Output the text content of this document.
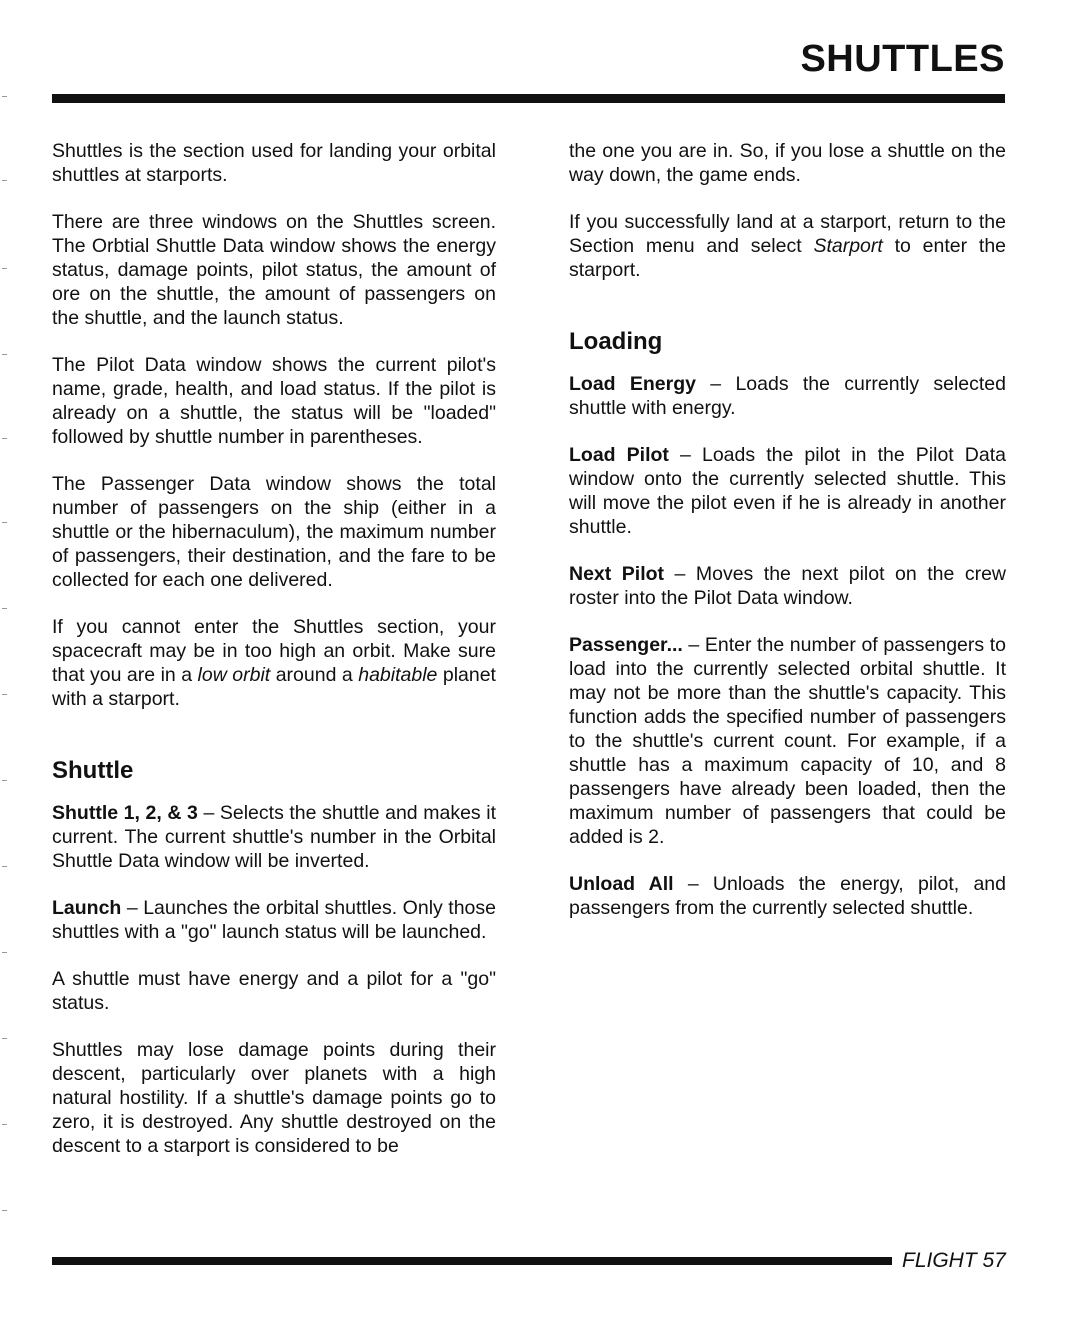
SHUTTLES

Shuttles is the section used for landing your orbital shuttles at starports.

There are three windows on the Shuttles screen. The Orbtial Shuttle Data window shows the energy status, damage points, pilot status, the amount of ore on the shuttle, the amount of passengers on the shuttle, and the launch status.

The Pilot Data window shows the current pilot's name, grade, health, and load status. If the pilot is already on a shuttle, the status will be "loaded" followed by shuttle number in parentheses.

The Passenger Data window shows the total number of passengers on the ship (either in a shuttle or the hibernaculum), the maximum number of passengers, their destination, and the fare to be collected for each one delivered.

If you cannot enter the Shuttles section, your spacecraft may be in too high an orbit. Make sure that you are in a low orbit around a habitable planet with a starport.

Shuttle

Shuttle 1, 2, & 3 – Selects the shuttle and makes it current. The current shuttle's number in the Orbital Shuttle Data window will be inverted.

Launch – Launches the orbital shuttles. Only those shuttles with a "go" launch status will be launched.

A shuttle must have energy and a pilot for a "go" status.

Shuttles may lose damage points during their descent, particularly over planets with a high natural hostility. If a shuttle's damage points go to zero, it is destroyed. Any shuttle destroyed on the descent to a starport is considered to be

the one you are in. So, if you lose a shuttle on the way down, the game ends.

If you successfully land at a starport, return to the Section menu and select Starport to enter the starport.

Loading

Load Energy – Loads the currently selected shuttle with energy.

Load Pilot – Loads the pilot in the Pilot Data window onto the currently selected shuttle. This will move the pilot even if he is already in another shuttle.

Next Pilot – Moves the next pilot on the crew roster into the Pilot Data window.

Passenger... – Enter the number of passengers to load into the currently selected orbital shuttle. It may not be more than the shuttle's capacity. This function adds the specified number of passengers to the shuttle's current count. For example, if a shuttle has a maximum capacity of 10, and 8 passengers have already been loaded, then the maximum number of passengers that could be added is 2.

Unload All – Unloads the energy, pilot, and passengers from the currently selected shuttle.

FLIGHT 57
